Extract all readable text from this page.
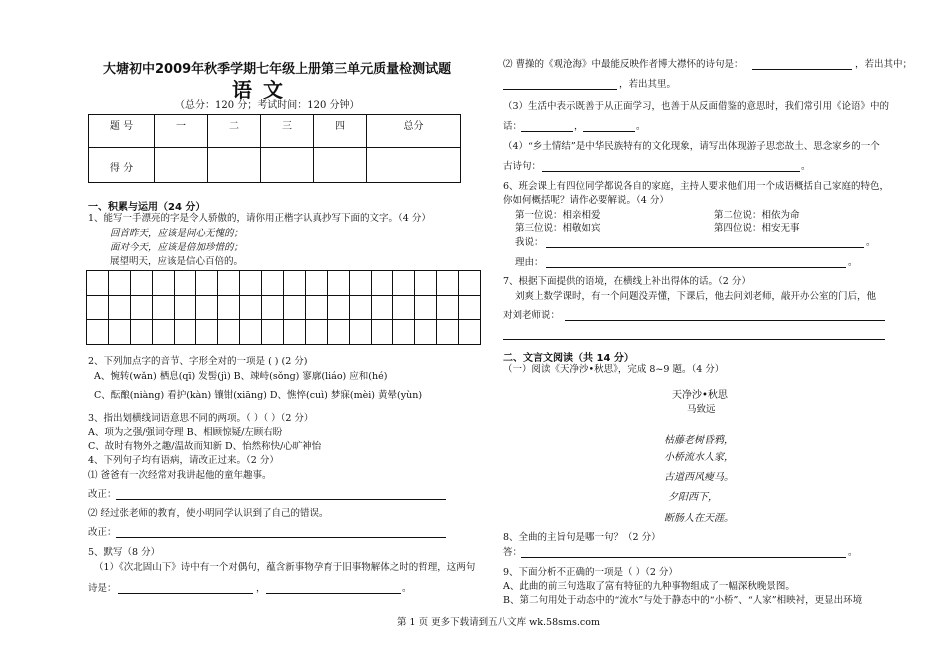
大塘初中2009年秋季学期七年级上册第三单元质量检测试题
语 文
（总分：120 分；考试时间：120 分钟）
题 号	一	二	三	四	总分
得 分					
一、积累与运用（24 分）
1、能写一手漂亮的字是令人骄傲的，请你用正楷字认真抄写下面的文字。（4 分）
回首昨天，应该是问心无愧的；
面对今天，应该是倍加珍惜的；
展望明天，应该是信心百倍的。
2、下列加点字的音节、字形全对的一项是 ( ) (2 分)
A、惋转(wǎn) 栖息(qī) 发髻(jì) B、竦峙(sǒng) 寥廓(liáo) 应和(hé)
C、酝酿(niàng) 看护(kàn) 镶钳(xiāng) D、憔悴(cuì) 梦寐(mèi) 黄晕(yùn)
3、指出划横线词语意思不同的两项。（ ）（ ）（2 分）
A、项为之强/强词夺理 B、相顾惊疑/左顾右盼
C、故时有物外之趣/温故而知新 D、怡然称快/心旷神怡
4、下列句子均有语病，请改正过来。（2 分）
⑴ 爸爸有一次经常对我讲起他的童年趣事。
改正：
⑵ 经过张老师的教育，使小明同学认识到了自己的错误。
改正：
5、默写（8 分）
（1）《次北固山下》诗中有一个对偶句，蕴含新事物孕育于旧事物解体之时的哲理，这两句
诗是：	，	。
⑵ 曹操的《观沧海》中最能反映作者博大襟怀的诗句是：	，若出其中；
，若出其里。
（3）生活中表示既善于从正面学习，也善于从反面借鉴的意思时，我们常引用《论语》中的
话：	，	。
（4）“乡土情结”是中华民族特有的文化现象，请写出体现游子思恋故土、思念家乡的一个
古诗句：	。
6、班会课上有四位同学都说各自的家庭，主持人要求他们用一个成语概括自己家庭的特色，
你如何概括呢？请作必要解说。（4 分）
第一位说：相亲相爱	第二位说：相依为命
第三位说：相敬如宾	第四位说：相安无事
我说：	。
理由：	。
7、根据下面提供的语境，在横线上补出得体的话。（2 分）
刘爽上数学课时，有一个问题没弄懂，下课后，他去问刘老师，敲开办公室的门后，他
对刘老师说：
二、文言文阅读（共 14 分）
（一）阅读《天净沙•秋思》，完成 8~9 题。（4 分）
天净沙•秋思
马致远
枯藤老树昏鸦，
小桥流水人家，
古道西风瘦马。
夕阳西下，
断肠人在天涯。
8、全曲的主旨句是哪一句？（2 分）
答：	。
9、下面分析不正确的一项是（ ）（2 分）
A、此曲的前三句选取了富有特征的九种事物组成了一幅深秋晚景图。
B、第二句用处于动态中的“流水”与处于静态中的“小桥”、“人家”相映衬，更显出环境
第 1 页 更多下载请到五八文库 wk.58sms.com
